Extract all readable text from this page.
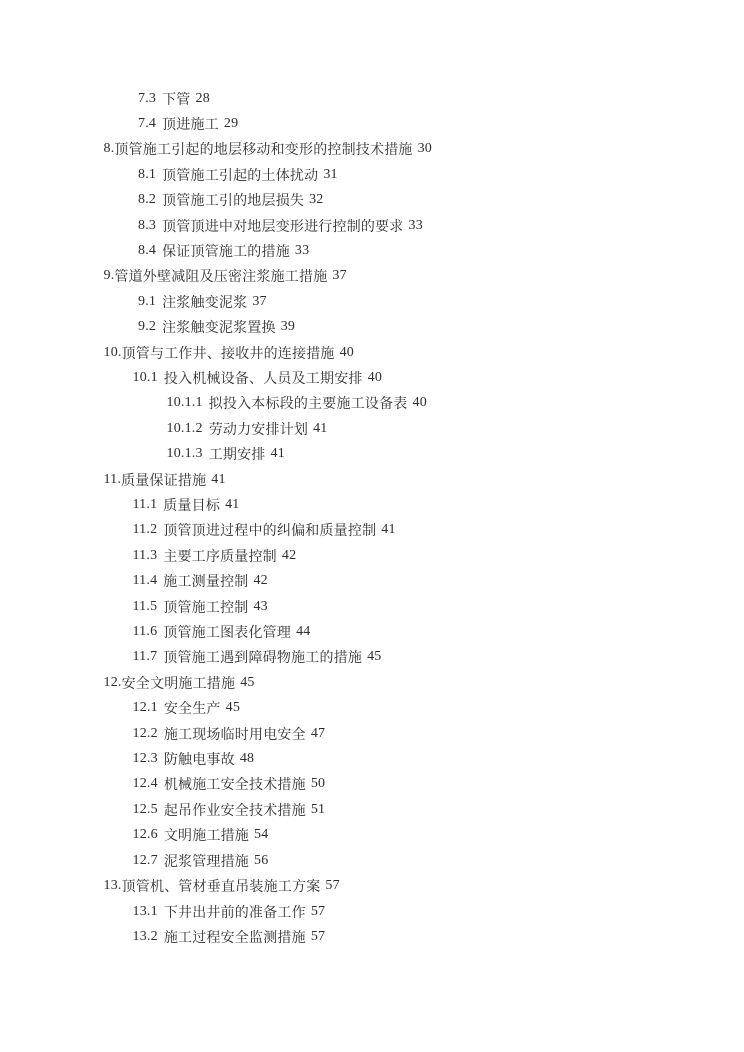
7.3 下管 28
7.4 顶进施工 29
8. 顶管施工引起的地层移动和变形的控制技术措施 30
8.1 顶管施工引起的土体扰动 31
8.2 顶管施工引的地层损失 32
8.3 顶管顶进中对地层变形进行控制的要求 33
8.4 保证顶管施工的措施 33
9. 管道外壁减阻及压密注浆施工措施 37
9.1 注浆触变泥浆 37
9.2 注浆触变泥浆置换 39
10. 顶管与工作井、接收井的连接措施 40
10.1 投入机械设备、人员及工期安排 40
10.1.1 拟投入本标段的主要施工设备表 40
10.1.2 劳动力安排计划 41
10.1.3 工期安排 41
11. 质量保证措施 41
11.1 质量目标 41
11.2 顶管顶进过程中的纠偏和质量控制 41
11.3 主要工序质量控制 42
11.4 施工测量控制 42
11.5 顶管施工控制 43
11.6 顶管施工图表化管理 44
11.7 顶管施工遇到障碍物施工的措施 45
12. 安全文明施工措施 45
12.1 安全生产 45
12.2 施工现场临时用电安全 47
12.3 防触电事故 48
12.4 机械施工安全技术措施 50
12.5 起吊作业安全技术措施 51
12.6 文明施工措施 54
12.7 泥浆管理措施 56
13. 顶管机、管材垂直吊装施工方案 57
13.1 下井出井前的准备工作 57
13.2 施工过程安全监测措施 57
